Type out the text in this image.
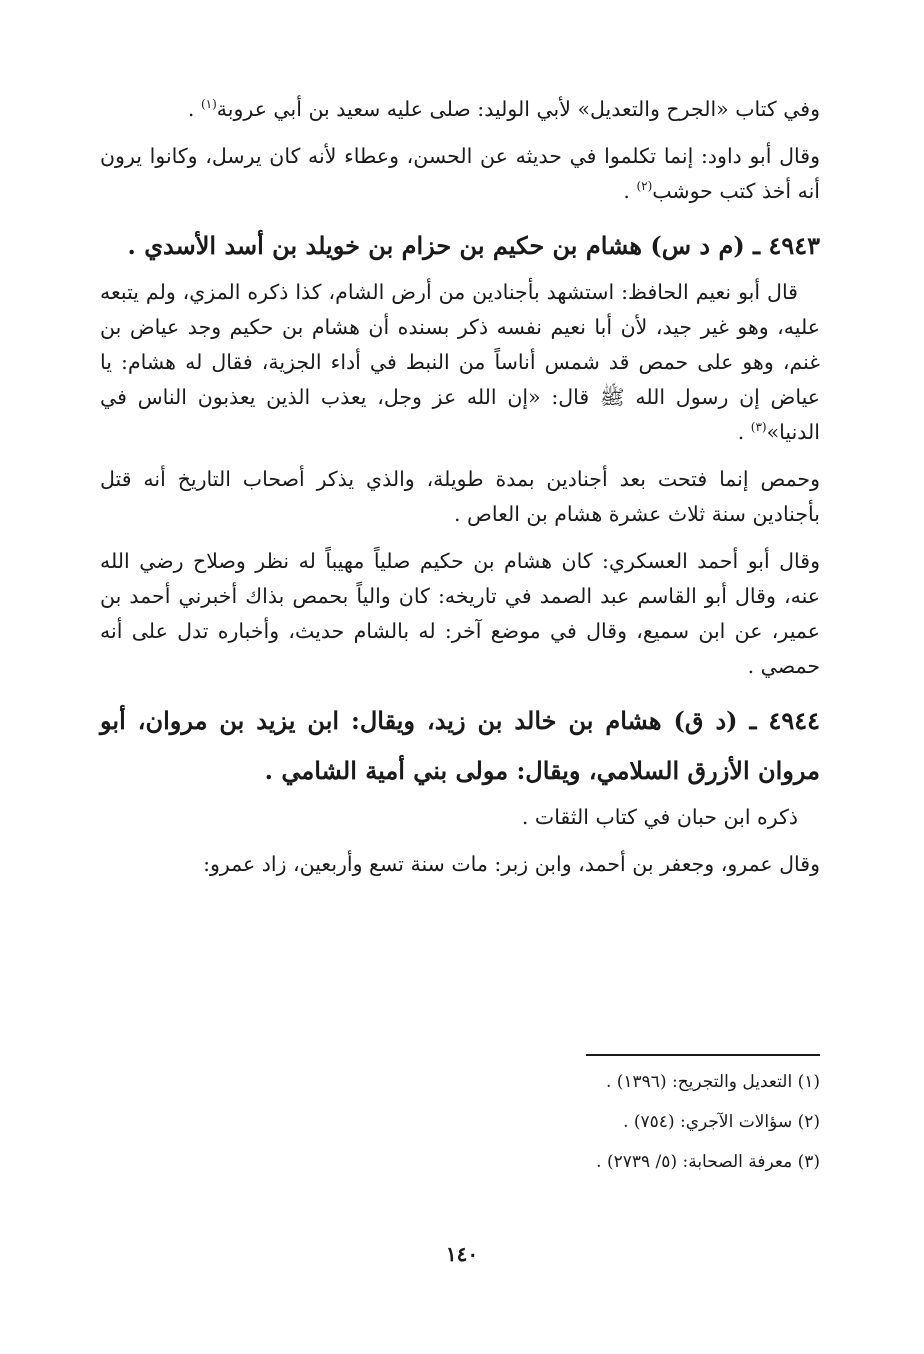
وفي كتاب «الجرح والتعديل» لأبي الوليد: صلى عليه سعيد بن أبي عروبة$^{(١)}$ .

وقال أبو داود: إنما تكلموا في حديثه عن الحسن، وعطاء لأنه كان يرسل، وكانوا يرون أنه أخذ كتب حوشب$^{(٢)}$ .

٤٩٤٣ ـ (م د س) هشام بن حكيم بن حزام بن خويلد بن أسد الأسدي .

قال أبو نعيم الحافظ: استشهد بأجنادين من أرض الشام، كذا ذكره المزي، ولم يتبعه عليه، وهو غير جيد، لأن أبا نعيم نفسه ذكر بسنده أن هشام بن حكيم وجد عياض بن غنم، وهو على حمص قد شمس أناساً من النبط في أداء الجزية، فقال له هشام: يا عياض إن رسول الله ﷺ قال: «إن الله عز وجل، يعذب الذين يعذبون الناس في الدنيا»$^{(٣)}$ .

وحمص إنما فتحت بعد أجنادين بمدة طويلة، والذي يذكر أصحاب التاريخ أنه قتل بأجنادين سنة ثلاث عشرة هشام بن العاص .

وقال أبو أحمد العسكري: كان هشام بن حكيم صلياً مهيباً له نظر وصلاح رضي الله عنه، وقال أبو القاسم عبد الصمد في تاريخه: كان والياً بحمص بذاك أخبرني أحمد بن عمير، عن ابن سميع، وقال في موضع آخر: له بالشام حديث، وأخباره تدل على أنه حمصي .

٤٩٤٤ ـ (د ق) هشام بن خالد بن زيد، ويقال: ابن يزيد بن مروان، أبو مروان الأزرق السلامي، ويقال: مولى بني أمية الشامي .

ذكره ابن حبان في كتاب الثقات .

وقال عمرو، وجعفر بن أحمد، وابن زبر: مات سنة تسع وأربعين، زاد عمرو:

(١) التعديل والتجريح: (١٣٩٦) .

(٢) سؤالات الآجري: (٧٥٤) .

(٣) معرفة الصحابة: (٥/ ٢٧٣٩) .

١٤٠
